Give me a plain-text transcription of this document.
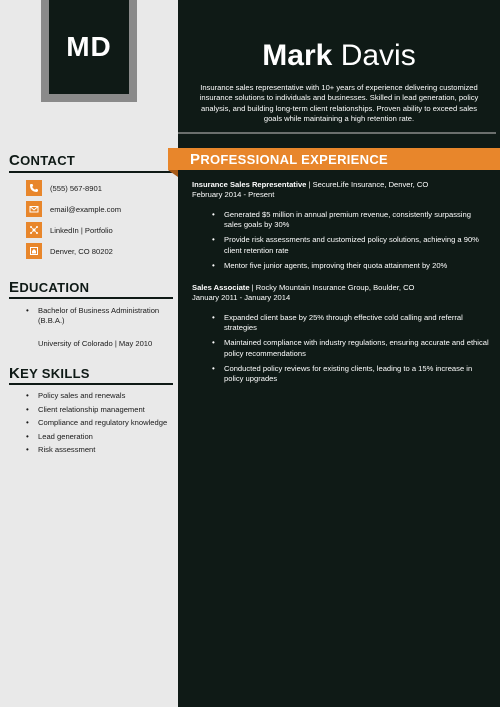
MD	Mark Davis
Insurance sales representative with 10+ years of experience delivering customized insurance solutions to individuals and businesses. Skilled in lead generation, policy analysis, and building long-term client relationships. Proven ability to exceed sales goals while maintaining a high retention rate.
CONTACT
(555) 567-8901
email@example.com
LinkedIn | Portfolio
Denver, CO 80202
EDUCATION
• Bachelor of Business Administration (B.B.A.)
University of Colorado | May 2010
KEY SKILLS
• Policy sales and renewals
• Client relationship management
• Compliance and regulatory knowledge
• Lead generation
• Risk assessment
PROFESSIONAL EXPERIENCE
Insurance Sales Representative | SecureLife Insurance, Denver, CO
February 2014 - Present
• Generated $5 million in annual premium revenue, consistently surpassing sales goals by 30%
• Provide risk assessments and customized policy solutions, achieving a 90% client retention rate
• Mentor five junior agents, improving their quota attainment by 20%
Sales Associate | Rocky Mountain Insurance Group, Boulder, CO
January 2011 - January 2014
• Expanded client base by 25% through effective cold calling and referral strategies
• Maintained compliance with industry regulations, ensuring accurate and ethical policy recommendations
• Conducted policy reviews for existing clients, leading to a 15% increase in policy upgrades
